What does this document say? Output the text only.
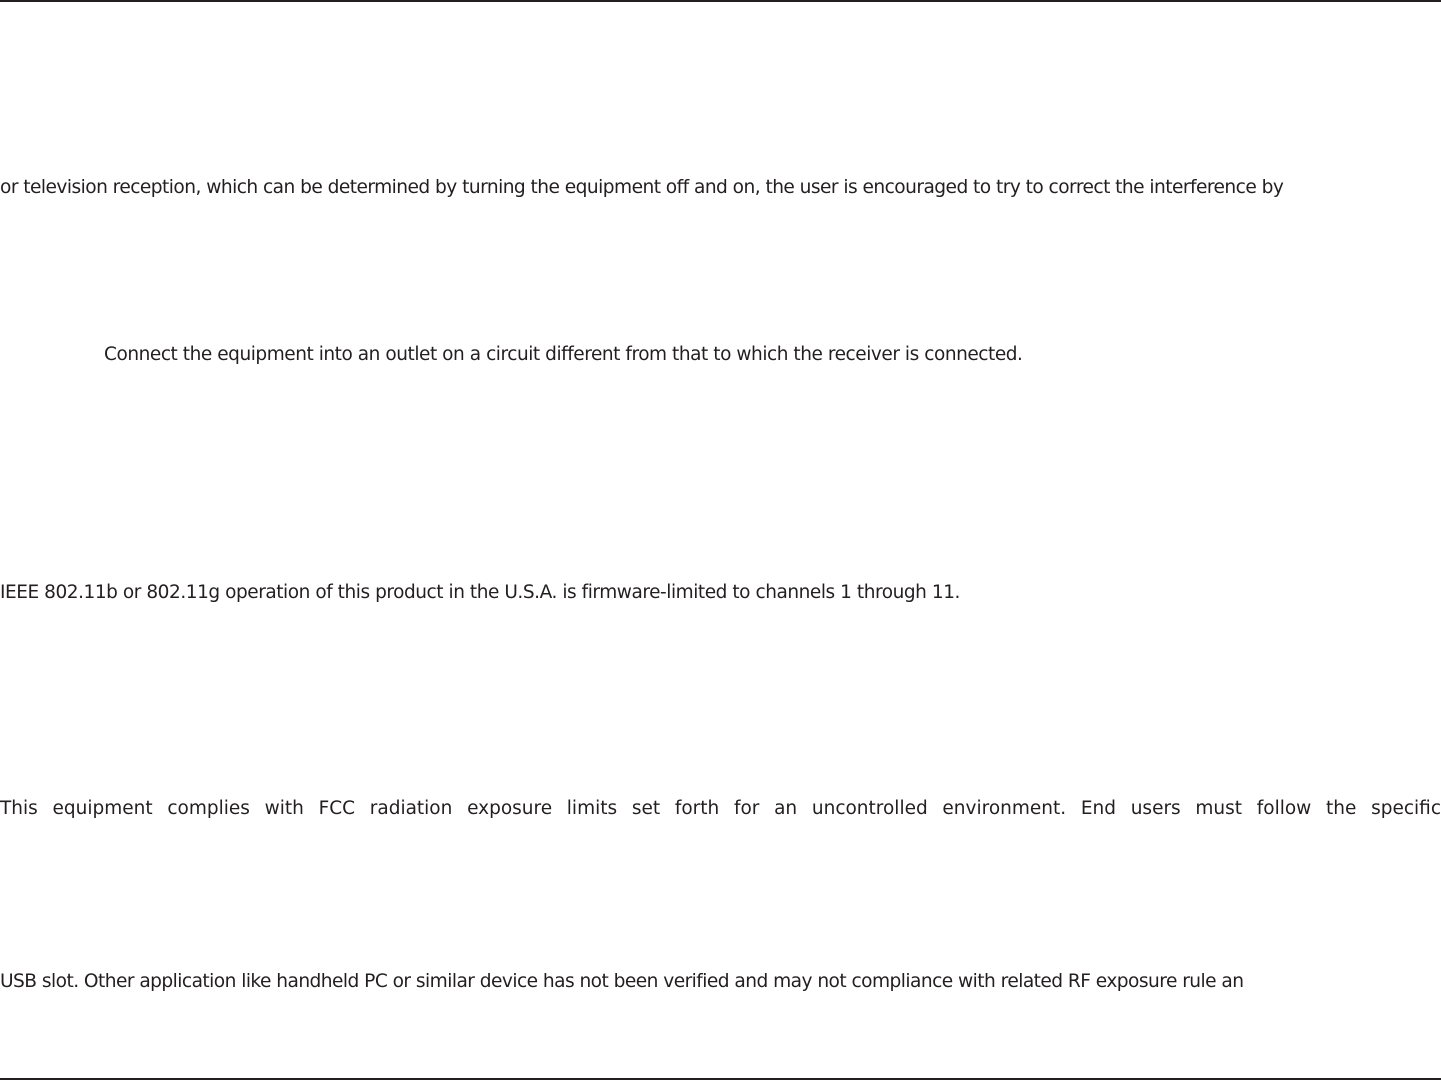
or television reception, which can be determined by turning the equipment off and on, the user is encouraged to try to correct the interference by
Connect the equipment into an outlet on a circuit different from that to which the receiver is connected.
IEEE 802.11b or 802.11g operation of this product in the U.S.A. is firmware-limited to channels 1 through 11.
This equipment complies with FCC radiation exposure limits set forth for an uncontrolled environment. End users must follow the specific
USB slot. Other application like handheld PC or similar device has not been verified and may not compliance with related RF exposure rule an
